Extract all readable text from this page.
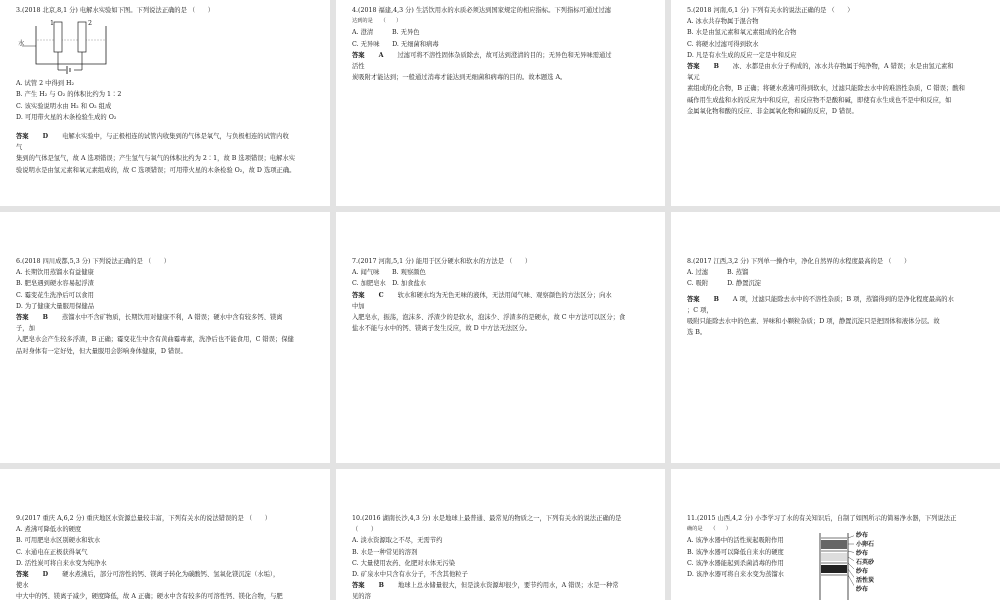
3.(2018 北京,8,1 分) 电解水实验如下图。下列说法正确的是 （　　）

水
1	2

A. 试管 2 中得到 H₂

B. 产生 H₂ 与 O₂ 的体积比约为 1∶2

C. 该实验说明水由 H₂ 和 O₂ 组成

D. 可用带火星的木条检验生成的 O₂

答案 D 电解水实验中，与正极相连的试管内收集到的气体是氧气，与负极相连的试管内收

气

集到的气体是氢气，故 A 选项错误；产生氢气与氧气的体积比约为 2∶1，故 B 选项错误；电解水实

验说明水是由氢元素和氧元素组成的，故 C 选项错误；可用带火星的木条检验 O₂，故 D 选项正确。

4.(2018 福建,4,3 分) 生活饮用水的水质必须达到国家规定的相应指标。下列指标可通过过滤

达到的是　　（　　）

A. 澄清　　　B. 无异色

C. 无异味　　D. 无细菌和病毒

答案 A 过滤可将不溶性固体杂质除去，故可达到澄清的目的；无异色和无异味需通过

活性

炭吸附才能达到；一般通过消毒才能达到无细菌和病毒的目的。故本题选 A。

5.(2018 河南,6,1 分) 下列有关水的说法正确的是 （　　）

A. 冰水共存物属于混合物

B. 水是由氢元素和氧元素组成的化合物

C. 将硬水过滤可得到软水

D. 凡是有水生成的反应一定是中和反应

答案 B 冰、水都是由水分子构成的，冰水共存物属于纯净物，A 错误；水是由氢元素和

氧元

素组成的化合物，B 正确；将硬水煮沸可得到软水，过滤只能除去水中的难溶性杂质，C 错误；酸和

碱作用生成盐和水的反应为中和反应，若反应物不是酸和碱，即使有水生成也不是中和反应，如

金属氧化物和酸的反应、非金属氧化物和碱的反应，D 错误。

6.(2018 四川成都,5,3 分) 下列说法正确的是 （　　）

A. 长期饮用蒸馏水有益健康

B. 肥皂遇到硬水容易起浮渣

C. 霉变花生洗净后可以食用

D. 为了健康大量服用保健品

答案 B 蒸馏水中不含矿物质，长期饮用对健康不利，A 错误；硬水中含有较多钙、镁离

子，加

入肥皂水会产生较多浮渣，B 正确；霉变花生中含有黄曲霉毒素，洗净后也不能食用，C 错误；保健

品对身体有一定好处，但大量服用会影响身体健康，D 错误。

7.(2017 河南,5,1 分) 能用于区分硬水和软水的方法是 （　　）

A. 闻气味　　B. 观察颜色

C. 加肥皂水　D. 加食盐水

答案 C 软水和硬水均为无色无味的液体，无法用闻气味、观察颜色的方法区分；向水

中加

入肥皂水，振荡，泡沫多、浮渣少的是软水，泡沫少、浮渣多的是硬水，故 C 中方法可以区分；食

盐水不能与水中的钙、镁离子发生反应，故 D 中方法无法区分。

8.(2017 江西,3,2 分) 下列单一操作中，净化自然界的水程度最高的是 （　　）

A. 过滤　　　B. 蒸馏

C. 吸附　　　D. 静置沉淀

答案 B A 项，过滤只能除去水中的不溶性杂质；B 项，蒸馏得到的是净化程度最高的水

；C 项，

吸附只能除去水中的色素、异味和小颗粒杂质；D 项，静置沉淀只是把固体和液体分层。故

选 B。

9.(2017 重庆 A,6,2 分) 重庆地区水资源总量较丰富，下列有关水的说法错误的是 （　　）

A. 煮沸可降低水的硬度

B. 可用肥皂水区别硬水和软水

C. 水通电在正极获得氧气

D. 活性炭可将自来水变为纯净水

答案 D 硬水煮沸后，部分可溶性的钙、镁离子转化为碳酸钙、氢氧化镁沉淀（水垢），

使水

中大中的钙、镁离子减少，硬度降低，故 A 正确；硬水中含有较多的可溶性钙、镁化合物，与肥

10.(2016 湖南长沙,4,3 分) 水是地球上最普通、最常见的物质之一，下列有关水的说法正确的是

（　　）

A. 淡水资源取之不尽，无需节约

B. 水是一种常见的溶剂

C. 大量使用农药、化肥对水体无污染

D. 矿泉水中只含有水分子，不含其他粒子

答案 B 地球上总水储量很大，但是淡水资源却很少，要节约用水，A 错误；水是一种常

见的溶

11.(2015 山西,4,2 分) 小李学习了水的有关知识后，自制了如图所示的简易净水器，下列说法正

确的是　　（　　）

A. 该净水器中的活性炭起吸附作用

B. 该净水器可以降低自来水的硬度

C. 该净水器能起到杀菌消毒的作用

D. 该净水器可将自来水变为蒸馏水

纱布

小卵石

纱布

石英砂

纱布

活性炭

纱布
